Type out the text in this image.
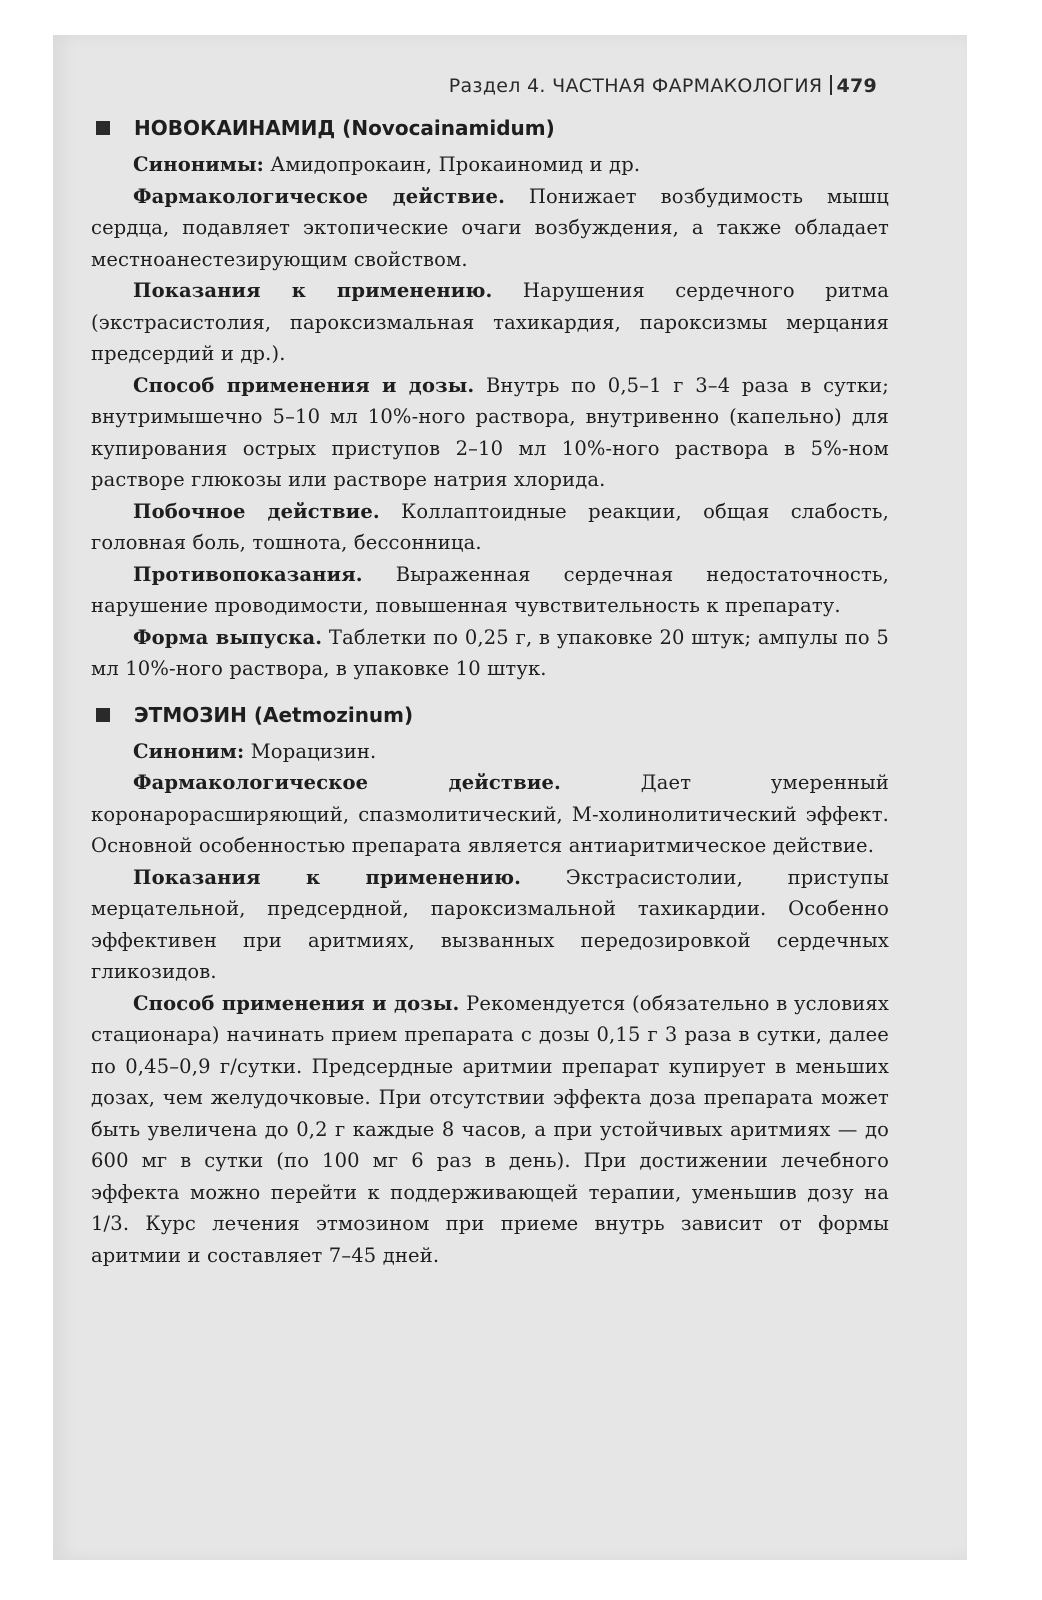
Раздел 4. ЧАСТНАЯ ФАРМАКОЛОГИЯ 479
НОВОКАИНАМИД (Novocainamidum)

Синонимы: Амидопрокаин, Прокаиномид и др.

Фармакологическое действие. Понижает возбудимость мышц сердца, подавляет эктопические очаги возбуждения, а также обладает местноанестезирующим свойством.

Показания к применению. Нарушения сердечного ритма (экстрасистолия, пароксизмальная тахикардия, пароксизмы мерцания предсердий и др.).

Способ применения и дозы. Внутрь по 0,5–1 г 3–4 раза в сутки; внутримышечно 5–10 мл 10%-ного раствора, внутривенно (капельно) для купирования острых приступов 2–10 мл 10%-ного раствора в 5%-ном растворе глюкозы или растворе натрия хлорида.

Побочное действие. Коллаптоидные реакции, общая слабость, головная боль, тошнота, бессонница.

Противопоказания. Выраженная сердечная недостаточность, нарушение проводимости, повышенная чувствительность к препарату.

Форма выпуска. Таблетки по 0,25 г, в упаковке 20 штук; ампулы по 5 мл 10%-ного раствора, в упаковке 10 штук.

ЭТМОЗИН (Aetmozinum)

Синоним: Морацизин.

Фармакологическое действие. Дает умеренный коронарорасширяющий, спазмолитический, М-холинолитический эффект. Основной особенностью препарата является антиаритмическое действие.

Показания к применению. Экстрасистолии, приступы мерцательной, предсердной, пароксизмальной тахикардии. Особенно эффективен при аритмиях, вызванных передозировкой сердечных гликозидов.

Способ применения и дозы. Рекомендуется (обязательно в условиях стационара) начинать прием препарата с дозы 0,15 г 3 раза в сутки, далее по 0,45–0,9 г/сутки. Предсердные аритмии препарат купирует в меньших дозах, чем желудочковые. При отсутствии эффекта доза препарата может быть увеличена до 0,2 г каждые 8 часов, а при устойчивых аритмиях — до 600 мг в сутки (по 100 мг 6 раз в день). При достижении лечебного эффекта можно перейти к поддерживающей терапии, уменьшив дозу на 1/3. Курс лечения этмозином при приеме внутрь зависит от формы аритмии и составляет 7–45 дней.
